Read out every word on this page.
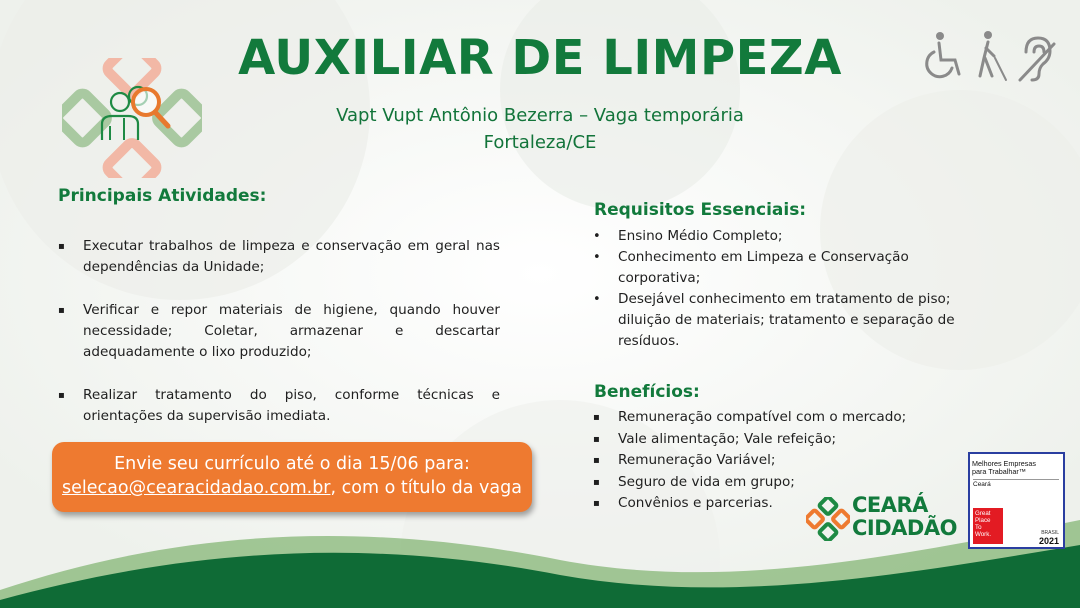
AUXILIAR DE LIMPEZA
Vapt Vupt Antônio Bezerra – Vaga temporária
Fortaleza/CE
Principais Atividades:
▪ Executar trabalhos de limpeza e conservação em geral nas dependências da Unidade;
▪ Verificar e repor materiais de higiene, quando houver necessidade; Coletar, armazenar e descartar adequadamente o lixo produzido;
▪ Realizar tratamento do piso, conforme técnicas e orientações da supervisão imediata.
Envie seu currículo até o dia 15/06 para:
selecao@cearacidadao.com.br, com o título da vaga
Requisitos Essenciais:
• Ensino Médio Completo;
• Conhecimento em Limpeza e Conservação corporativa;
• Desejável conhecimento em tratamento de piso; diluição de materiais; tratamento e separação de resíduos.
Benefícios:
▪ Remuneração compatível com o mercado;
▪ Vale alimentação; Vale refeição;
▪ Remuneração Variável;
▪ Seguro de vida em grupo;
▪ Convênios e parcerias.	CEARÁ
CIDADÃO
Melhores Empresas
para Trabalhar™
Ceará
Great
Place
To
Work.	BRASIL
2021
